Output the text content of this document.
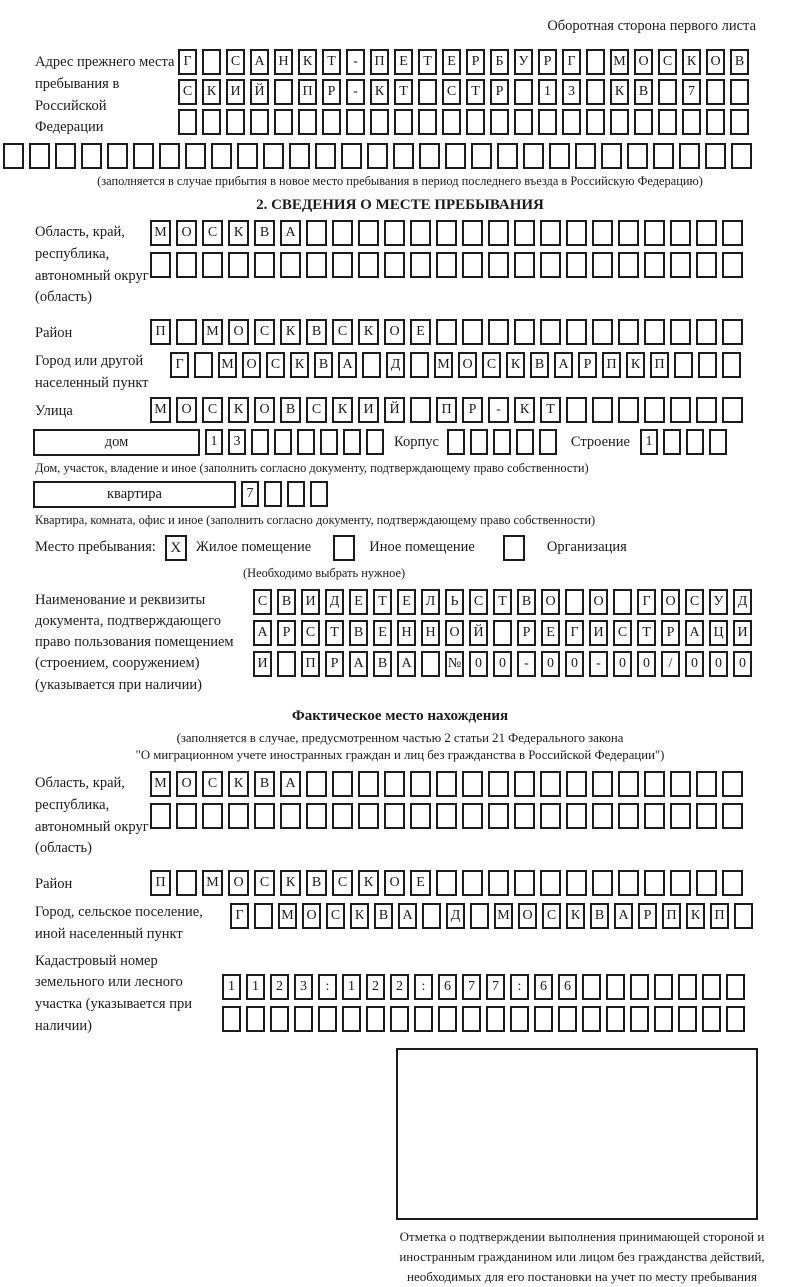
Оборотная сторона первого листа
Адрес прежнего места пребывания в Российской Федерации
Г	С	А Н	К	Т	-	П	Е	Т	Е	Р	Б	У	Р	Г	М О	С	К	О	В
С	К	И Й	П	Р	-	К	Т	С	Т	Р	1	3	К	В	7
(заполняется в случае прибытия в новое место пребывания в период последнего въезда в Российскую Федерацию)
2. СВЕДЕНИЯ О МЕСТЕ ПРЕБЫВАНИЯ
Область, край, республика, автономный округ (область)
М	О	С	К	В	А
Район	П	М	О	С	К	В	С	К	О	Е
Город или другой населенный пункт
Г	М О	С	К	В	А	Д	М О	С	К	В	А	Р	П	К	П
Улица	М	О	С	К	О	В	С	К	И	Й	П	Р	-	К	Т
дом	1	3	Корпус	Строение	1
Дом, участок, владение и иное (заполнить согласно документу, подтверждающему право собственности)
квартира	7
Квартира, комната, офис и иное (заполнить согласно документу, подтверждающему право собственности)
Место пребывания: X	Жилое помещение	Иное помещение	Организация
(Необходимо выбрать нужное)
Наименование и реквизиты документа, подтверждающего право пользования помещением (строением, сооружением) (указывается при наличии)
С	В	И	Д	Е	Т	Е	Л	Ь	С	Т	В	О	О	Г	О	С	У	Д
А	Р	С	Т	В	Е	Н Н О Й	Р	Е	Г	И	С	Т	Р	А Ц И
И	П	Р	А	В	А	№ 0	0	-	0	0	-	0	0	/	0	0	0
Фактическое место нахождения
(заполняется в случае, предусмотренном частью 2 статьи 21 Федерального закона
"О миграционном учете иностранных граждан и лиц без гражданства в Российской Федерации")
Область, край, республика, автономный округ (область)
М	О	С	К	В	А
Район	П	М	О	С	К	В	С	К	О	Е
Город, сельское поселение, иной населенный пункт
Г	М О	С	К	В	А	Д	М О	С	К	В	А	Р	П	К	П
Кадастровый номер земельного или лесного участка (указывается при наличии)
1	1	2	3	:	1	2	2	:	6	7	7	:	6	6
Отметка о подтверждении выполнения принимающей стороной и иностранным гражданином или лицом без гражданства действий, необходимых для его постановки на учет по месту пребывания
